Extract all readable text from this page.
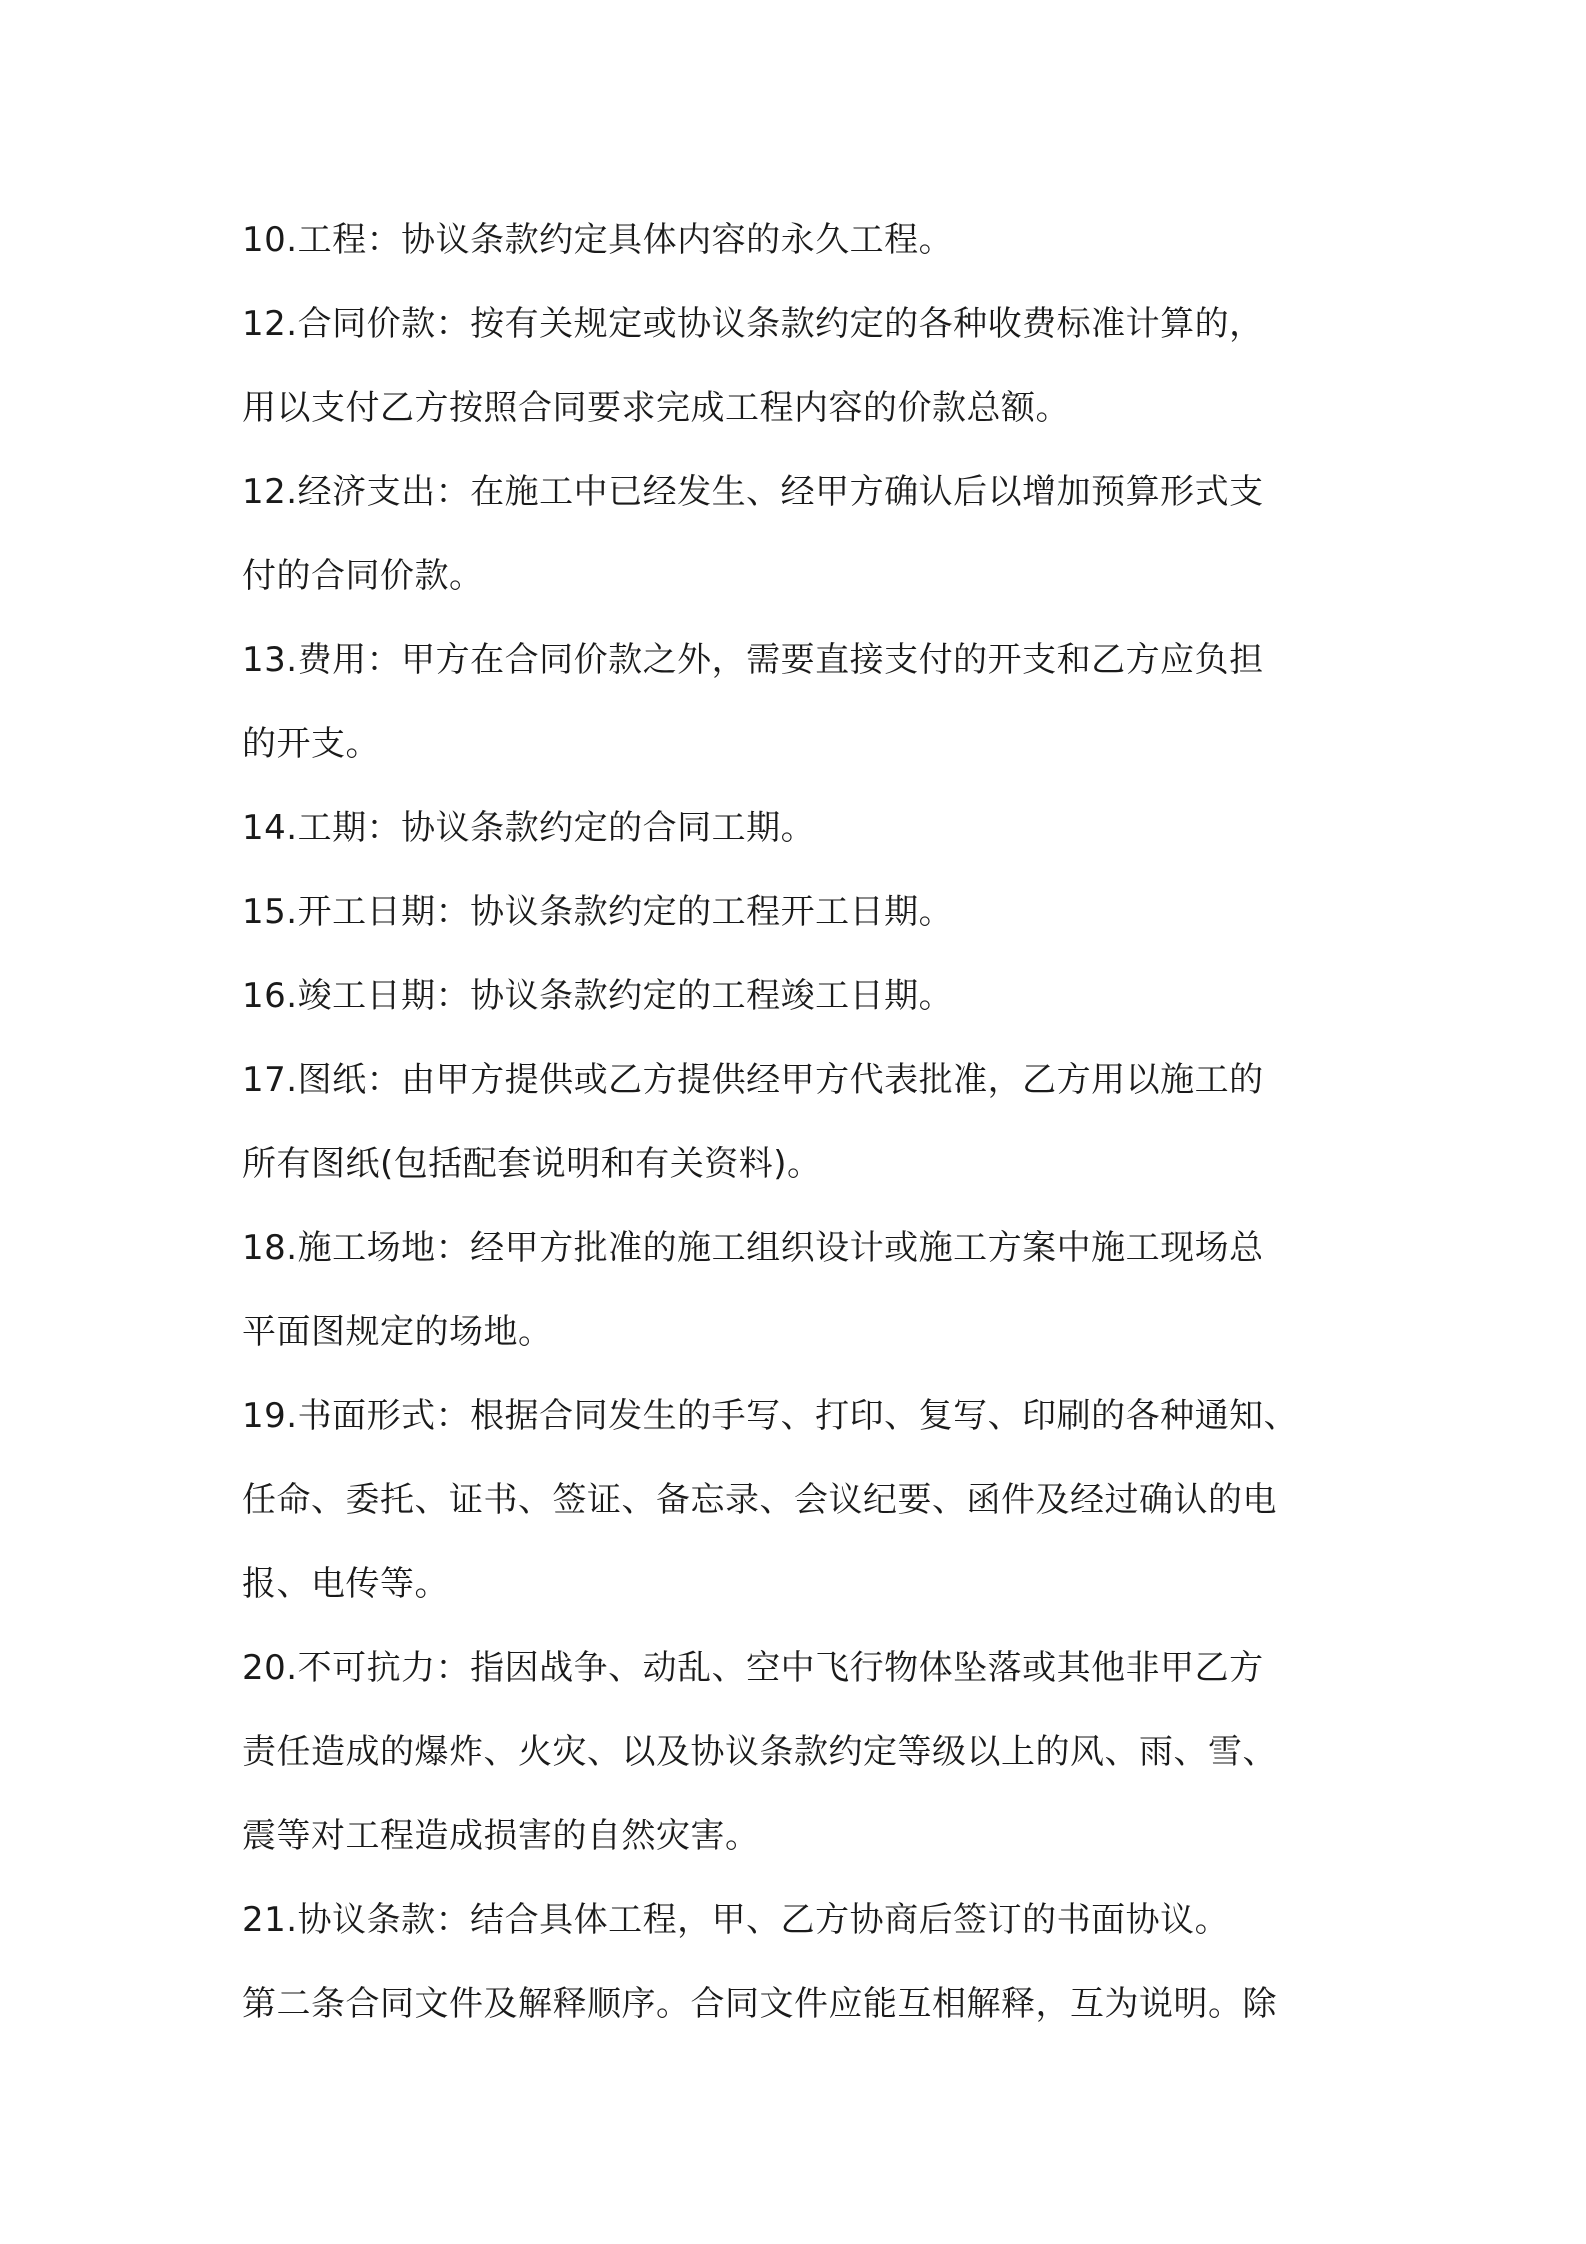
10.工程：协议条款约定具体内容的永久工程。
12.合同价款：按有关规定或协议条款约定的各种收费标准计算的，
用以支付乙方按照合同要求完成工程内容的价款总额。
12.经济支出：在施工中已经发生、经甲方确认后以增加预算形式支
付的合同价款。
13.费用：甲方在合同价款之外，需要直接支付的开支和乙方应负担
的开支。
14.工期：协议条款约定的合同工期。
15.开工日期：协议条款约定的工程开工日期。
16.竣工日期：协议条款约定的工程竣工日期。
17.图纸：由甲方提供或乙方提供经甲方代表批准，乙方用以施工的
所有图纸(包括配套说明和有关资料)。
18.施工场地：经甲方批准的施工组织设计或施工方案中施工现场总
平面图规定的场地。
19.书面形式：根据合同发生的手写、打印、复写、印刷的各种通知、
任命、委托、证书、签证、备忘录、会议纪要、函件及经过确认的电
报、电传等。
20.不可抗力：指因战争、动乱、空中飞行物体坠落或其他非甲乙方
责任造成的爆炸、火灾、以及协议条款约定等级以上的风、雨、雪、
震等对工程造成损害的自然灾害。
21.协议条款：结合具体工程，甲、乙方协商后签订的书面协议。
第二条合同文件及解释顺序。合同文件应能互相解释，互为说明。除
